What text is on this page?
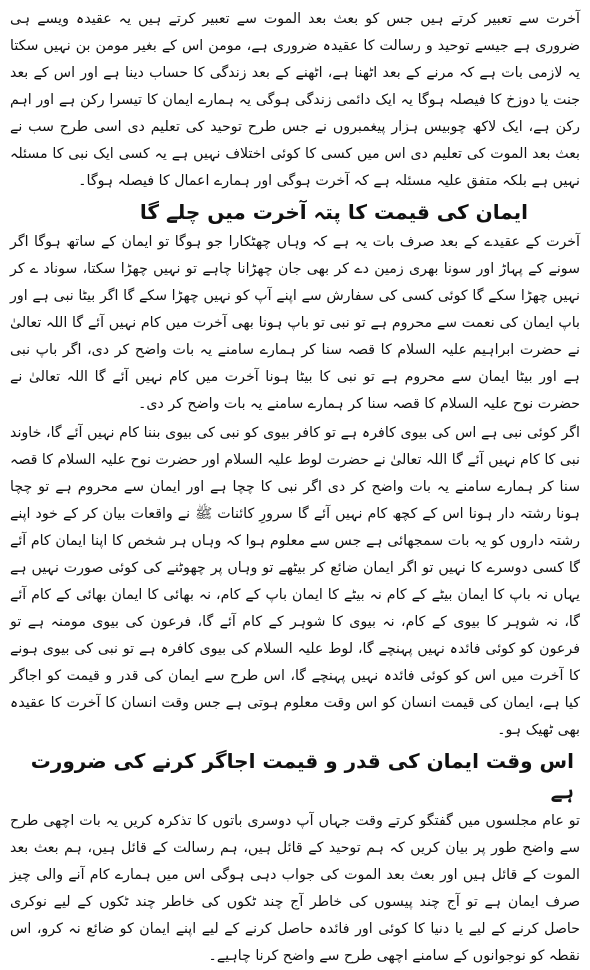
آخرت سے تعبیر کرتے ہیں جس کو بعث بعد الموت سے تعبیر کرتے ہیں یہ عقیدہ ویسے ہی ضروری ہے جیسے توحید و رسالت کا عقیدہ ضروری ہے، مومن اس کے بغیر مومن بن نہیں سکتا یہ لازمی بات ہے کہ مرنے کے بعد اٹھنا ہے، اٹھنے کے بعد زندگی کا حساب دینا ہے اور اس کے بعد جنت یا دوزخ کا فیصلہ ہوگا یہ ایک دائمی زندگی ہوگی یہ ہمارے ایمان کا تیسرا رکن ہے اور اہم رکن ہے، ایک لاکھ چوبیس ہزار پیغمبروں نے جس طرح توحید کی تعلیم دی اسی طرح سب نے بعث بعد الموت کی تعلیم دی اس میں کسی کا کوئی اختلاف نہیں ہے یہ کسی ایک نبی کا مسئلہ نہیں ہے بلکہ متفق علیہ مسئلہ ہے کہ آخرت ہوگی اور ہمارے اعمال کا فیصلہ ہوگا۔

ایمان کی قیمت کا پتہ آخرت میں چلے گا

آخرت کے عقیدے کے بعد صرف بات یہ ہے کہ وہاں چھٹکارا جو ہوگا تو ایمان کے ساتھ ہوگا اگر سونے کے پہاڑ اور سونا بھری زمین دے کر بھی جان چھڑانا چاہے تو نہیں چھڑا سکتا، سوناد ے کر نہیں چھڑا سکے گا کوئی کسی کی سفارش سے اپنے آپ کو نہیں چھڑا سکے گا اگر بیٹا نبی ہے اور باپ ایمان کی نعمت سے محروم ہے تو نبی تو باپ ہونا بھی آخرت میں کام نہیں آئے گا اللہ تعالیٰ نے حضرت ابراہیم علیہ السلام کا قصہ سنا کر ہمارے سامنے یہ بات واضح کر دی، اگر باپ نبی ہے اور بیٹا ایمان سے محروم ہے تو نبی کا بیٹا ہونا آخرت میں کام نہیں آئے گا اللہ تعالیٰ نے حضرت نوح علیہ السلام کا قصہ سنا کر ہمارے سامنے یہ بات واضح کر دی۔

اگر کوئی نبی ہے اس کی بیوی کافرہ ہے تو کافر بیوی کو نبی کی بیوی بننا کام نہیں آئے گا، خاوند نبی کا کام نہیں آئے گا اللہ تعالیٰ نے حضرت لوط علیہ السلام اور حضرت نوح علیہ السلام کا قصہ سنا کر ہمارے سامنے یہ بات واضح کر دی اگر نبی کا چچا ہے اور ایمان سے محروم ہے تو چچا ہونا رشتہ دار ہونا اس کے کچھ کام نہیں آئے گا سرورِ کائنات ﷺ نے واقعات بیان کر کے خود اپنے رشتہ داروں کو یہ بات سمجھائی ہے جس سے معلوم ہوا کہ وہاں ہر شخص کا اپنا ایمان کام آئے گا کسی دوسرے کا نہیں تو اگر ایمان ضائع کر بیٹھے تو وہاں پر چھوٹنے کی کوئی صورت نہیں ہے یہاں نہ باپ کا ایمان بیٹے کے کام نہ بیٹے کا ایمان باپ کے کام، نہ بھائی کا ایمان بھائی کے کام آئے گا، نہ شوہر کا بیوی کے کام، نہ بیوی کا شوہر کے کام آئے گا، فرعون کی بیوی مومنہ ہے تو فرعون کو کوئی فائدہ نہیں پہنچے گا، لوط علیہ السلام کی بیوی کافرہ ہے تو نبی کی بیوی ہونے کا آخرت میں اس کو کوئی فائدہ نہیں پہنچے گا، اس طرح سے ایمان کی قدر و قیمت کو اجاگر کیا ہے، ایمان کی قیمت انسان کو اس وقت معلوم ہوتی ہے جس وقت انسان کا آخرت کا عقیدہ بھی ٹھیک ہو۔

اس وقت ایمان کی قدر و قیمت اجاگر کرنے کی ضرورت ہے

تو عام مجلسوں میں گفتگو کرتے وقت جہاں آپ دوسری باتوں کا تذکرہ کریں یہ بات اچھی طرح سے واضح طور پر بیان کریں کہ ہم توحید کے قائل ہیں، ہم رسالت کے قائل ہیں، ہم بعث بعد الموت کے قائل ہیں اور بعث بعد الموت کی جواب دہی ہوگی اس میں ہمارے کام آنے والی چیز صرف ایمان ہے تو آج چند پیسوں کی خاطر آج چند ٹکوں کی خاطر چند ٹکوں کے لیے نوکری حاصل کرنے کے لیے یا دنیا کا کوئی اور فائدہ حاصل کرنے کے لیے اپنے ایمان کو ضائع نہ کرو، اس نقطہ کو نوجوانوں کے سامنے اچھی طرح سے واضح کرنا چاہیے۔
